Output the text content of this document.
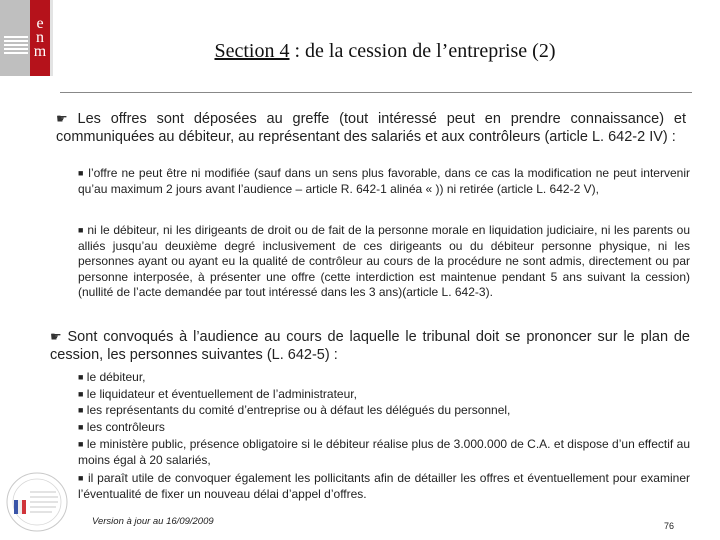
e
n
m	Section 4 : de la cession de l’entreprise (2)
☛ Les offres sont déposées au greffe (tout intéressé peut en prendre connaissance) et communiquées au débiteur, au représentant des salariés et aux contrôleurs (article L. 642-2 IV) :
■ l’offre ne peut être ni modifiée (sauf dans un sens plus favorable, dans ce cas la modification ne peut intervenir qu’au maximum 2 jours avant l’audience – article R. 642-1 alinéa « )) ni retirée (article L. 642-2 V),
■ ni le débiteur, ni les dirigeants de droit ou de fait de la personne morale en liquidation judiciaire, ni les parents ou alliés jusqu’au deuxième degré inclusivement de ces dirigeants ou du débiteur personne physique, ni les personnes ayant ou ayant eu la qualité de contrôleur au cours de la procédure ne sont admis, directement ou par personne interposée, à présenter une offre (cette interdiction est maintenue pendant 5 ans suivant la cession) (nullité de l’acte demandée par tout intéressé dans les 3 ans)(article L. 642-3).
☛ Sont convoqués à l’audience au cours de laquelle le tribunal doit se prononcer sur le plan de cession, les personnes suivantes (L. 642-5) :
■ le débiteur,
■ le liquidateur et éventuellement de l’administrateur,
■ les représentants du comité d’entreprise ou à défaut les délégués du personnel,
■ les contrôleurs
■ le ministère public, présence obligatoire si le débiteur réalise plus de 3.000.000 de C.A. et dispose d’un effectif au moins égal à 20 salariés,
■ il paraît utile de convoquer également les pollicitants afin de détailler les offres et éventuellement pour examiner l’éventualité de fixer un nouveau délai d’appel d’offres.
Version à jour au 16/09/2009	76
